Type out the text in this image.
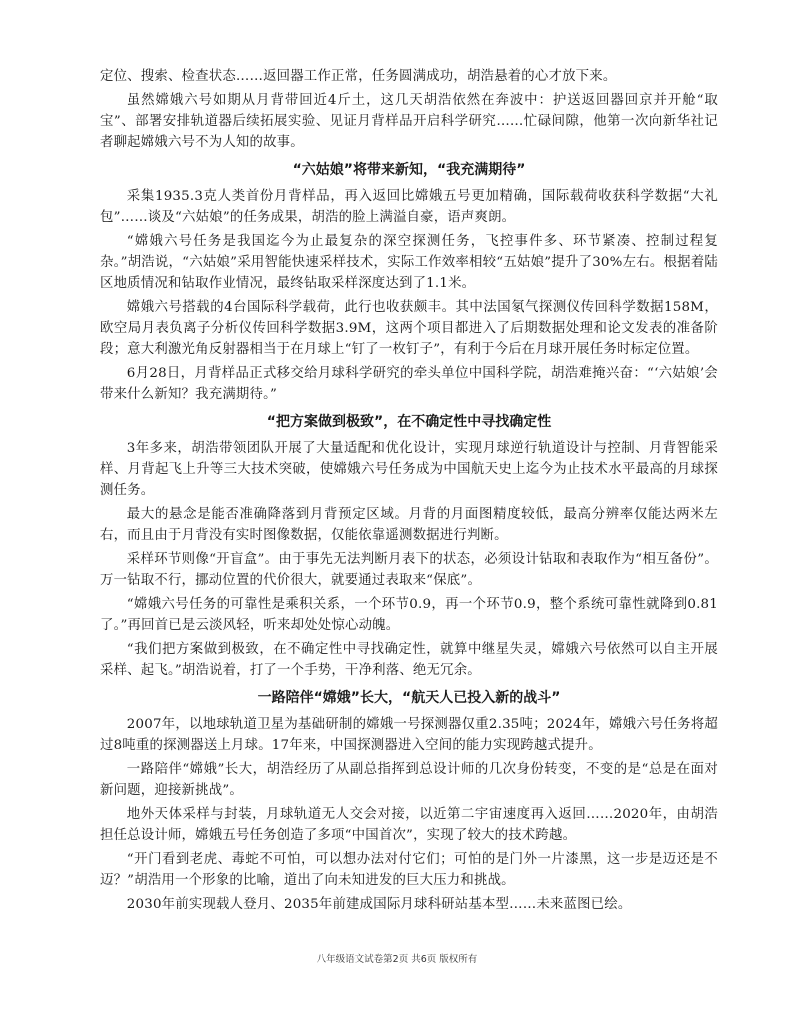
定位、搜索、检查状态……返回器工作正常，任务圆满成功，胡浩悬着的心才放下来。

虽然嫦娥六号如期从月背带回近4斤土，这几天胡浩依然在奔波中：护送返回器回京并开舱“取宝”、部署安排轨道器后续拓展实验、见证月背样品开启科学研究……忙碌间隙，他第一次向新华社记者聊起嫦娥六号不为人知的故事。

“六姑娘”将带来新知，“我充满期待”

采集1935.3克人类首份月背样品，再入返回比嫦娥五号更加精确，国际载荷收获科学数据“大礼包”……谈及“六姑娘”的任务成果，胡浩的脸上满溢自豪，语声爽朗。

“嫦娥六号任务是我国迄今为止最复杂的深空探测任务，飞控事件多、环节紧凑、控制过程复杂。”胡浩说，“六姑娘”采用智能快速采样技术，实际工作效率相较“五姑娘”提升了30%左右。根据着陆区地质情况和钻取作业情况，最终钻取采样深度达到了1.1米。

嫦娥六号搭载的4台国际科学载荷，此行也收获颇丰。其中法国氡气探测仪传回科学数据158M，欧空局月表负离子分析仪传回科学数据3.9M，这两个项目都进入了后期数据处理和论文发表的准备阶段；意大利激光角反射器相当于在月球上“钉了一枚钉子”，有利于今后在月球开展任务时标定位置。

6月28日，月背样品正式移交给月球科学研究的牵头单位中国科学院，胡浩难掩兴奋：“‘六姑娘’会带来什么新知？我充满期待。”

“把方案做到极致”，在不确定性中寻找确定性

3年多来，胡浩带领团队开展了大量适配和优化设计，实现月球逆行轨道设计与控制、月背智能采样、月背起飞上升等三大技术突破，使嫦娥六号任务成为中国航天史上迄今为止技术水平最高的月球探测任务。

最大的悬念是能否准确降落到月背预定区域。月背的月面图精度较低，最高分辨率仅能达两米左右，而且由于月背没有实时图像数据，仅能依靠遥测数据进行判断。

采样环节则像“开盲盒”。由于事先无法判断月表下的状态，必须设计钻取和表取作为“相互备份”。万一钻取不行，挪动位置的代价很大，就要通过表取来“保底”。

“嫦娥六号任务的可靠性是乘积关系，一个环节0.9，再一个环节0.9，整个系统可靠性就降到0.81了。”再回首已是云淡风轻，听来却处处惊心动魄。

“我们把方案做到极致，在不确定性中寻找确定性，就算中继星失灵，嫦娥六号依然可以自主开展采样、起飞。”胡浩说着，打了一个手势，干净利落、绝无冗余。

一路陪伴“嫦娥”长大，“航天人已投入新的战斗”

2007年，以地球轨道卫星为基础研制的嫦娥一号探测器仅重2.35吨；2024年，嫦娥六号任务将超过8吨重的探测器送上月球。17年来，中国探测器进入空间的能力实现跨越式提升。

一路陪伴“嫦娥”长大，胡浩经历了从副总指挥到总设计师的几次身份转变，不变的是“总是在面对新问题，迎接新挑战”。

地外天体采样与封装，月球轨道无人交会对接，以近第二宇宙速度再入返回……2020年，由胡浩担任总设计师，嫦娥五号任务创造了多项“中国首次”，实现了较大的技术跨越。

“开门看到老虎、毒蛇不可怕，可以想办法对付它们；可怕的是门外一片漆黑，这一步是迈还是不迈？”胡浩用一个形象的比喻，道出了向未知进发的巨大压力和挑战。

2030年前实现载人登月、2035年前建成国际月球科研站基本型……未来蓝图已绘。

八年级语文试卷第2页 共6页 版权所有
